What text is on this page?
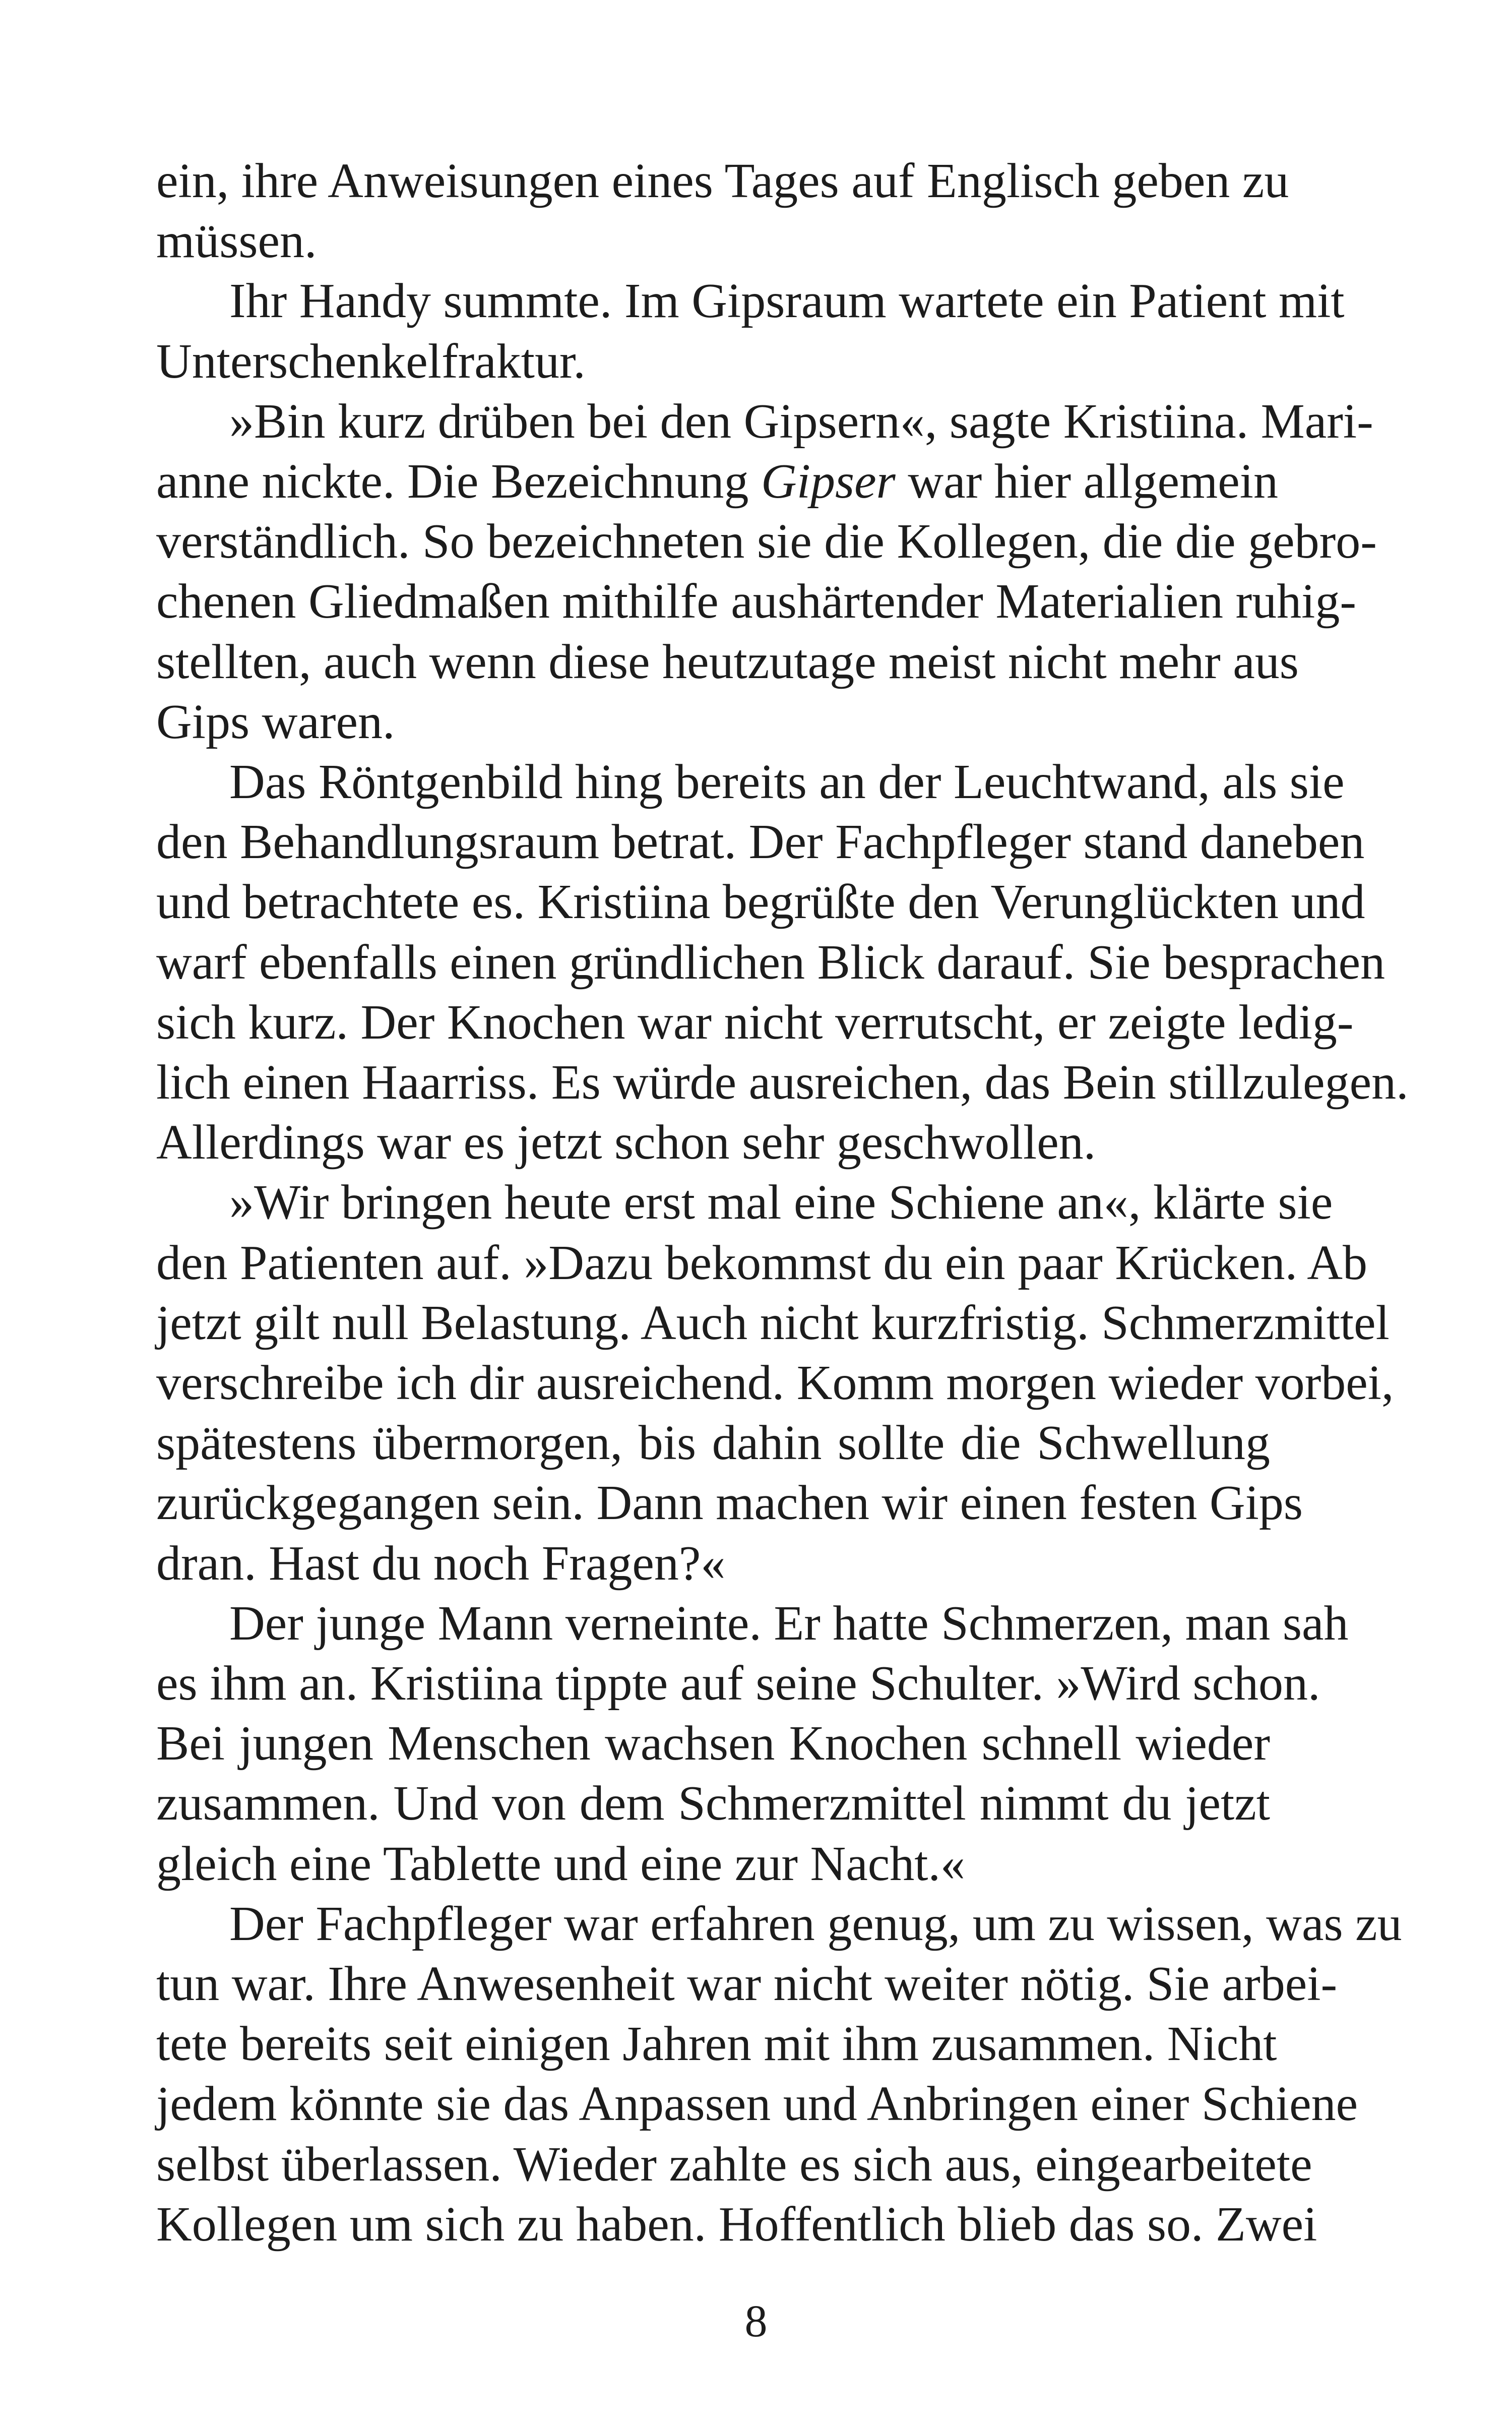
ein, ihre Anweisungen eines Tages auf Englisch geben zu
müssen.
Ihr Handy summte. Im Gipsraum wartete ein Patient mit
Unterschenkelfraktur.
»Bin kurz drüben bei den Gipsern«, sagte Kristiina. Mari-
anne nickte. Die Bezeichnung Gipser war hier allgemein
verständlich. So bezeichneten sie die Kollegen, die die gebro-
chenen Gliedmaßen mithilfe aushärtender Materialien ruhig-
stellten, auch wenn diese heutzutage meist nicht mehr aus
Gips waren.
Das Röntgenbild hing bereits an der Leuchtwand, als sie
den Behandlungsraum betrat. Der Fachpfleger stand daneben
und betrachtete es. Kristiina begrüßte den Verunglückten und
warf ebenfalls einen gründlichen Blick darauf. Sie besprachen
sich kurz. Der Knochen war nicht verrutscht, er zeigte ledig-
lich einen Haarriss. Es würde ausreichen, das Bein stillzulegen.
Allerdings war es jetzt schon sehr geschwollen.
»Wir bringen heute erst mal eine Schiene an«, klärte sie
den Patienten auf. »Dazu bekommst du ein paar Krücken. Ab
jetzt gilt null Belastung. Auch nicht kurzfristig. Schmerzmittel
verschreibe ich dir ausreichend. Komm morgen wieder vorbei,
spätestens übermorgen, bis dahin sollte die Schwellung
zurückgegangen sein. Dann machen wir einen festen Gips
dran. Hast du noch Fragen?«
Der junge Mann verneinte. Er hatte Schmerzen, man sah
es ihm an. Kristiina tippte auf seine Schulter. »Wird schon.
Bei jungen Menschen wachsen Knochen schnell wieder
zusammen. Und von dem Schmerzmittel nimmt du jetzt
gleich eine Tablette und eine zur Nacht.«
Der Fachpfleger war erfahren genug, um zu wissen, was zu
tun war. Ihre Anwesenheit war nicht weiter nötig. Sie arbei-
tete bereits seit einigen Jahren mit ihm zusammen. Nicht
jedem könnte sie das Anpassen und Anbringen einer Schiene
selbst überlassen. Wieder zahlte es sich aus, eingearbeitete
Kollegen um sich zu haben. Hoffentlich blieb das so. Zwei
8
